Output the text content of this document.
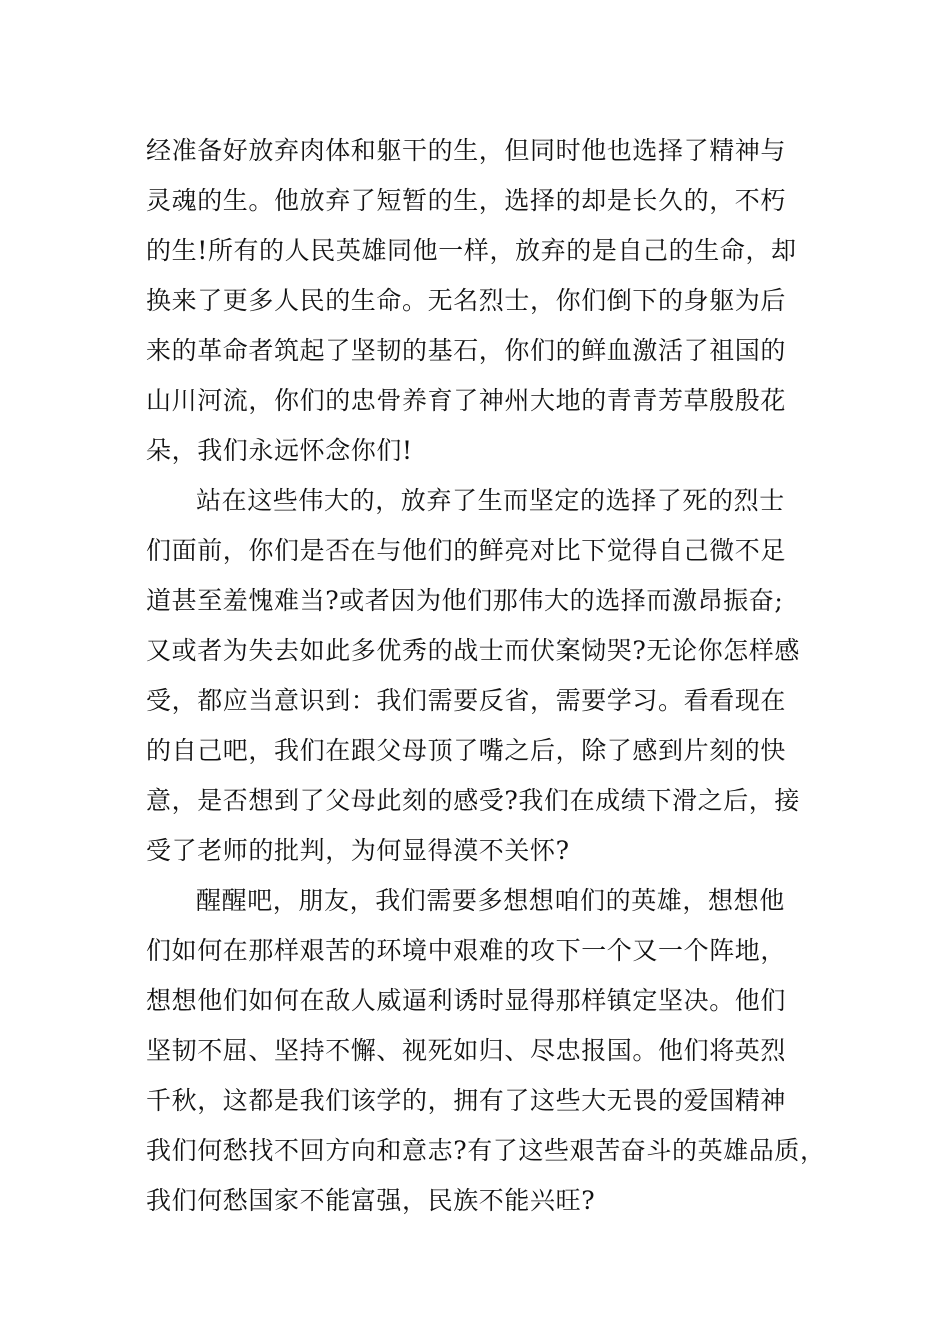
经准备好放弃肉体和躯干的生，但同时他也选择了精神与
灵魂的生。他放弃了短暂的生，选择的却是长久的，不朽
的生!所有的人民英雄同他一样，放弃的是自己的生命，却
换来了更多人民的生命。无名烈士，你们倒下的身躯为后
来的革命者筑起了坚韧的基石，你们的鲜血激活了祖国的
山川河流，你们的忠骨养育了神州大地的青青芳草殷殷花
朵，我们永远怀念你们!
站在这些伟大的，放弃了生而坚定的选择了死的烈士
们面前，你们是否在与他们的鲜亮对比下觉得自己微不足
道甚至羞愧难当?或者因为他们那伟大的选择而激昂振奋;
又或者为失去如此多优秀的战士而伏案恸哭?无论你怎样感
受，都应当意识到：我们需要反省，需要学习。看看现在
的自己吧，我们在跟父母顶了嘴之后，除了感到片刻的快
意，是否想到了父母此刻的感受?我们在成绩下滑之后，接
受了老师的批判，为何显得漠不关怀?
醒醒吧，朋友，我们需要多想想咱们的英雄，想想他
们如何在那样艰苦的环境中艰难的攻下一个又一个阵地，
想想他们如何在敌人威逼利诱时显得那样镇定坚决。他们
坚韧不屈、坚持不懈、视死如归、尽忠报国。他们将英烈
千秋，这都是我们该学的，拥有了这些大无畏的爱国精神
我们何愁找不回方向和意志?有了这些艰苦奋斗的英雄品质，
我们何愁国家不能富强，民族不能兴旺?
